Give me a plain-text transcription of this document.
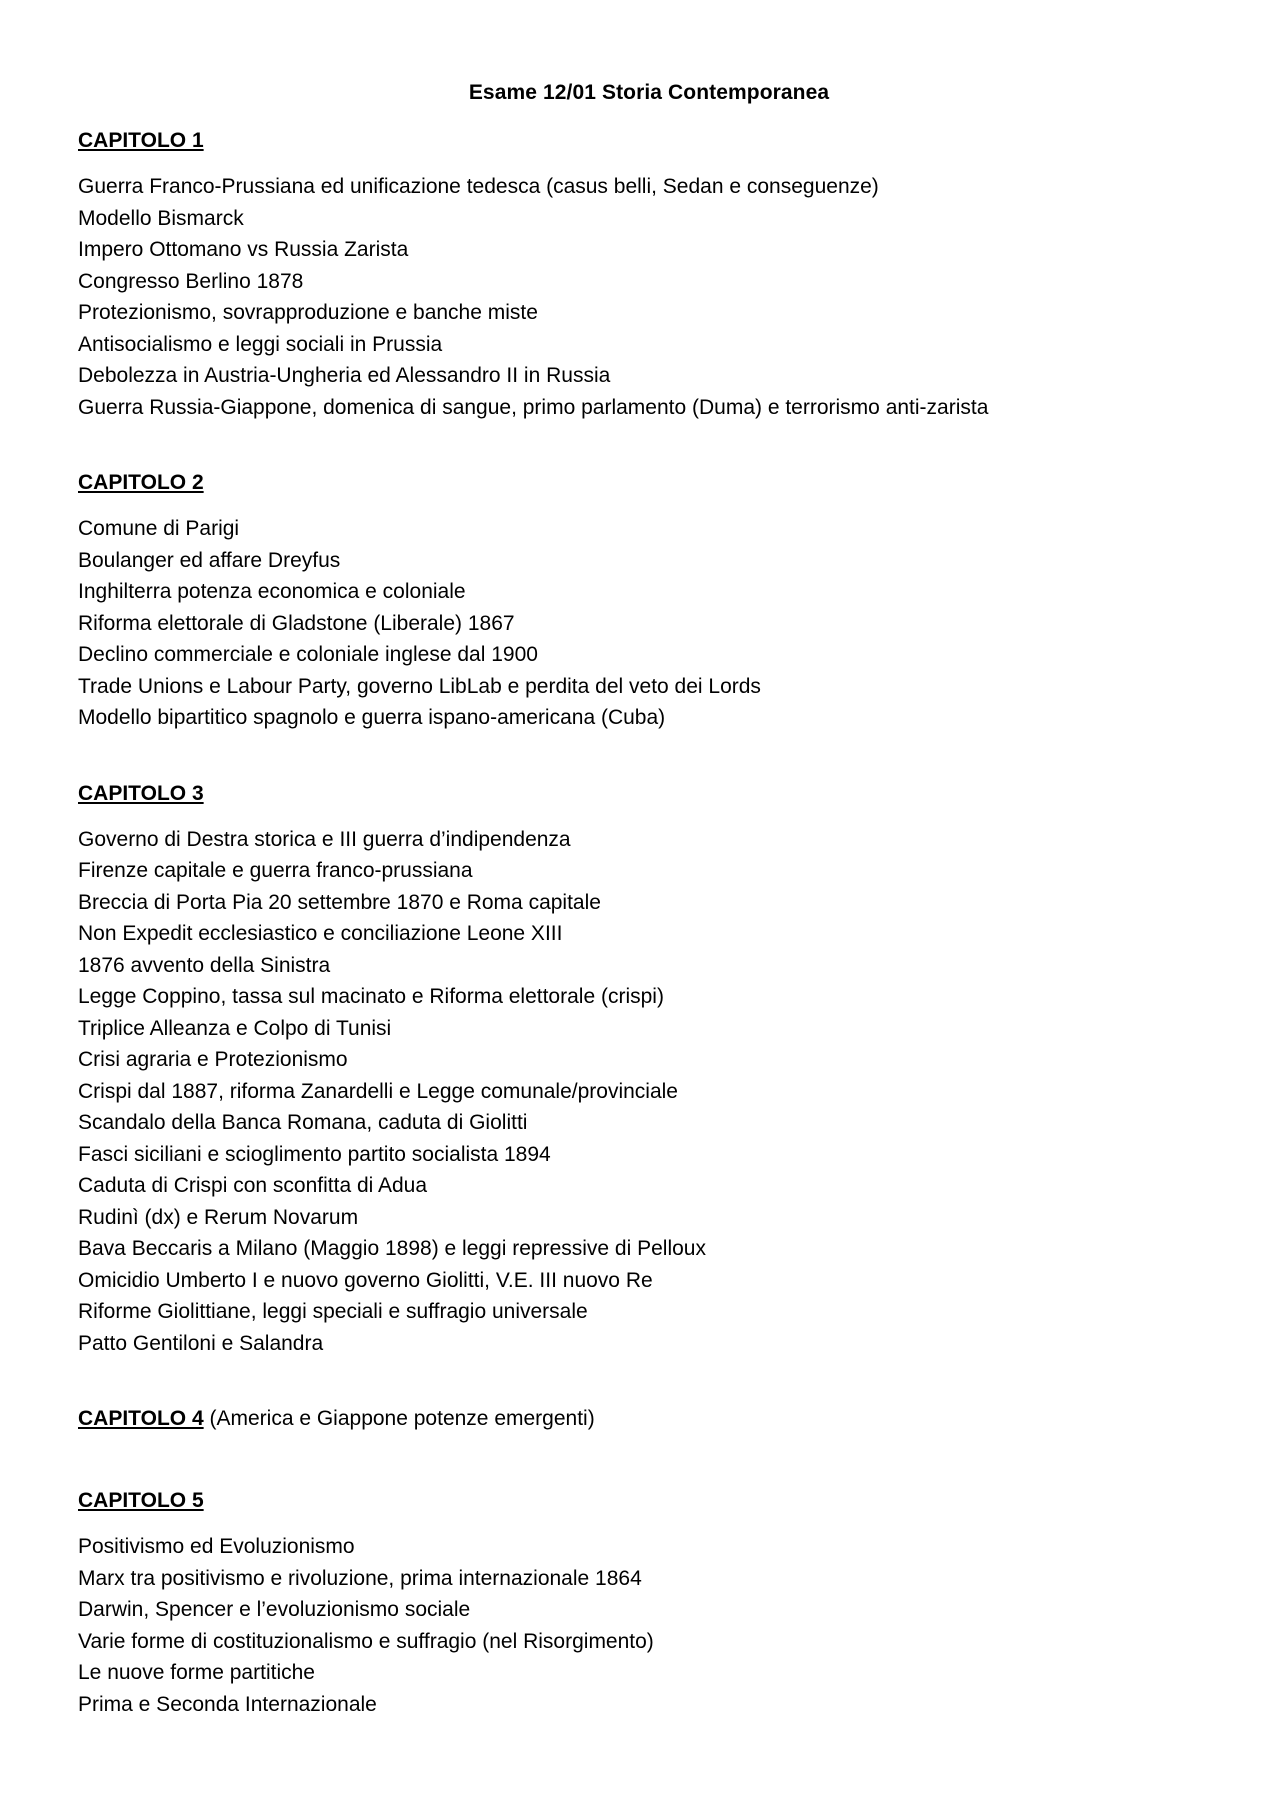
Esame 12/01 Storia Contemporanea
CAPITOLO 1
Guerra Franco-Prussiana ed unificazione tedesca (casus belli, Sedan e conseguenze)
Modello Bismarck
Impero Ottomano vs Russia Zarista
Congresso Berlino 1878
Protezionismo, sovrapproduzione e banche miste
Antisocialismo e leggi sociali in Prussia
Debolezza in Austria-Ungheria ed Alessandro II in Russia
Guerra Russia-Giappone, domenica di sangue, primo parlamento (Duma) e terrorismo anti-zarista
CAPITOLO 2
Comune di Parigi
Boulanger ed affare Dreyfus
Inghilterra potenza economica e coloniale
Riforma elettorale di Gladstone (Liberale) 1867
Declino commerciale e coloniale inglese dal 1900
Trade Unions e Labour Party, governo LibLab e perdita del veto dei Lords
Modello bipartitico spagnolo e guerra ispano-americana (Cuba)
CAPITOLO 3
Governo di Destra storica e III guerra d’indipendenza
Firenze capitale e guerra franco-prussiana
Breccia di Porta Pia 20 settembre 1870 e Roma capitale
Non Expedit ecclesiastico e conciliazione Leone XIII
1876 avvento della Sinistra
Legge Coppino, tassa sul macinato e Riforma elettorale (crispi)
Triplice Alleanza e Colpo di Tunisi
Crisi agraria e Protezionismo
Crispi dal 1887, riforma Zanardelli e Legge comunale/provinciale
Scandalo della Banca Romana, caduta di Giolitti
Fasci siciliani e scioglimento partito socialista 1894
Caduta di Crispi con sconfitta di Adua
Rudinì (dx) e Rerum Novarum
Bava Beccaris a Milano (Maggio 1898) e leggi repressive di Pelloux
Omicidio Umberto I e nuovo governo Giolitti, V.E. III nuovo Re
Riforme Giolittiane, leggi speciali e suffragio universale
Patto Gentiloni e Salandra
CAPITOLO 4 (America e Giappone potenze emergenti)
CAPITOLO 5
Positivismo ed Evoluzionismo
Marx tra positivismo e rivoluzione, prima internazionale 1864
Darwin, Spencer e l’evoluzionismo sociale
Varie forme di costituzionalismo e suffragio (nel Risorgimento)
Le nuove forme partitiche
Prima e Seconda Internazionale
